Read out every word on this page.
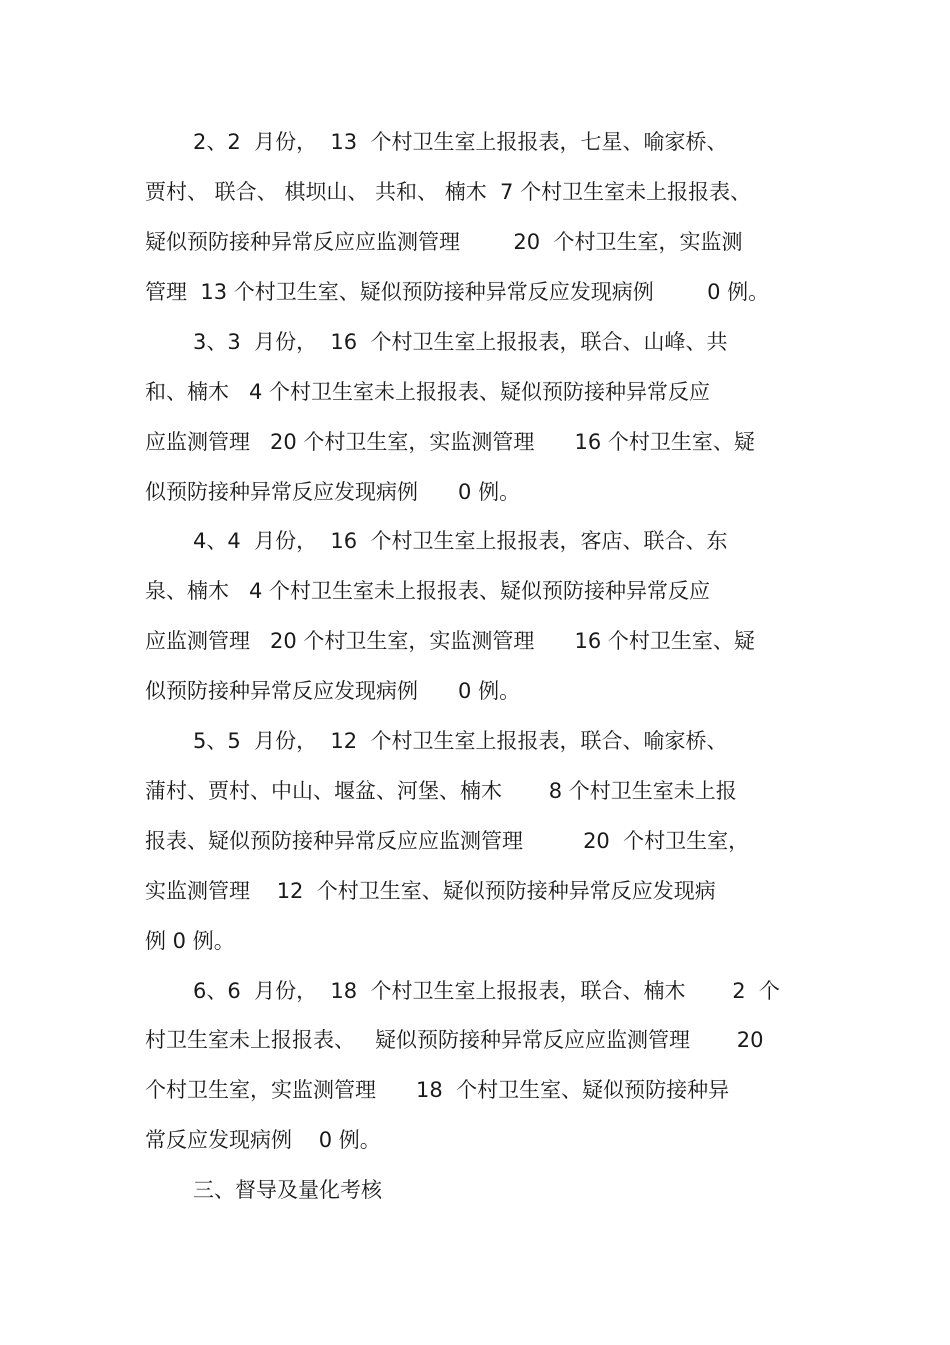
2、2  月份，  13  个村卫生室上报报表，七星、喻家桥、
贾村、 联合、 棋坝山、 共和、 楠木  7 个村卫生室未上报报表、
疑似预防接种异常反应应监测管理        20  个村卫生室，实监测
管理  13 个村卫生室、疑似预防接种异常反应发现病例        0 例。
3、3  月份，  16  个村卫生室上报报表，联合、山峰、共
和、楠木   4 个村卫生室未上报报表、疑似预防接种异常反应
应监测管理   20 个村卫生室，实监测管理      16 个村卫生室、疑
似预防接种异常反应发现病例      0 例。
4、4  月份，  16  个村卫生室上报报表，客店、联合、东
泉、楠木   4 个村卫生室未上报报表、疑似预防接种异常反应
应监测管理   20 个村卫生室，实监测管理      16 个村卫生室、疑
似预防接种异常反应发现病例      0 例。
5、5  月份，  12  个村卫生室上报报表，联合、喻家桥、
蒲村、贾村、中山、堰盆、河堡、楠木       8 个村卫生室未上报
报表、疑似预防接种异常反应应监测管理         20  个村卫生室，
实监测管理    12  个村卫生室、疑似预防接种异常反应发现病
例 0 例。
6、6  月份，  18  个村卫生室上报报表，联合、楠木       2  个
村卫生室未上报报表、   疑似预防接种异常反应应监测管理       20
个村卫生室，实监测管理      18  个村卫生室、疑似预防接种异
常反应发现病例    0 例。
三、督导及量化考核
